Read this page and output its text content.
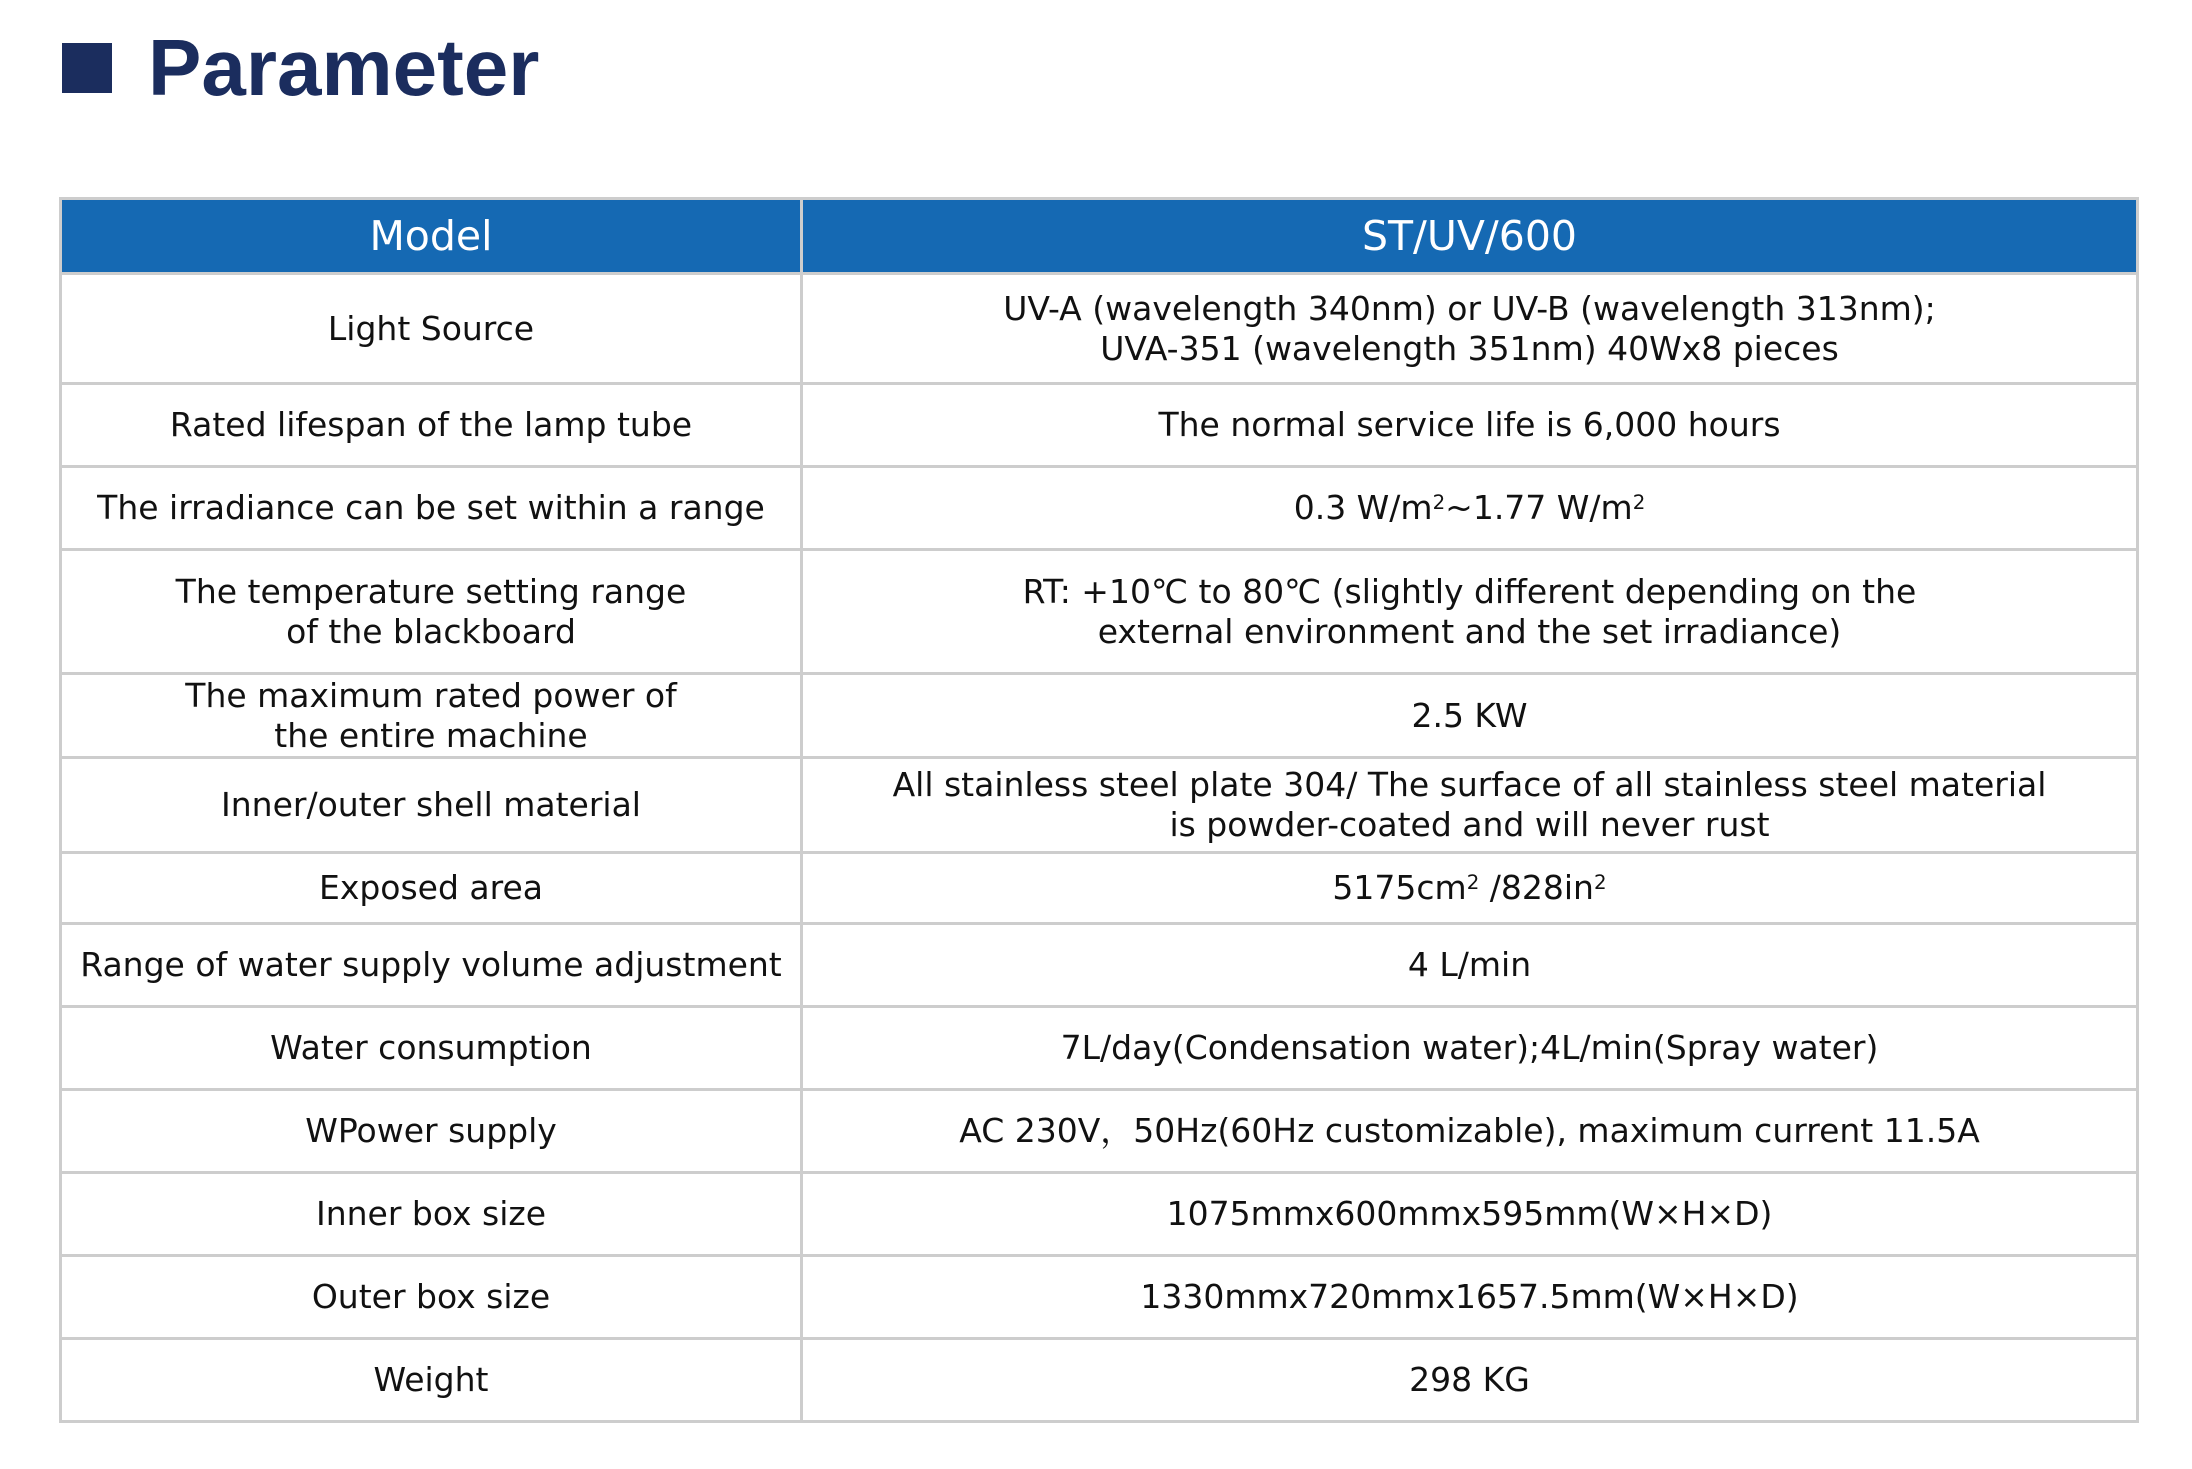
Parameter
Model	ST/UV/600
Light Source	UV-A (wavelength 340nm) or UV-B (wavelength 313nm);
UVA-351 (wavelength 351nm) 40Wx8 pieces
Rated lifespan of the lamp tube	The normal service life is 6,000 hours
The irradiance can be set within a range	0.3 $W/m^2\sim 1.77$ $W/m^2$
The temperature setting range
of the blackboard	RT: +10℃ to 80℃ (slightly different depending on the
external environment and the set irradiance)
The maximum rated power of
the entire machine	2.5 KW
Inner/outer shell material	All stainless steel plate 304/ The surface of all stainless steel material
is powder-coated and will never rust
Exposed area	$5175cm^2$ $/828in^2$
Range of water supply volume adjustment	4 L/min
Water consumption	7L/day(Condensation water);4L/min(Spray water)
WPower supply	AC 230V，50Hz(60Hz customizable), maximum current 11.5A
Inner box size	1075mmx600mmx595mm(W×H×D)
Outer box size	1330mmx720mmx1657.5mm(W×H×D)
Weight	298 KG
